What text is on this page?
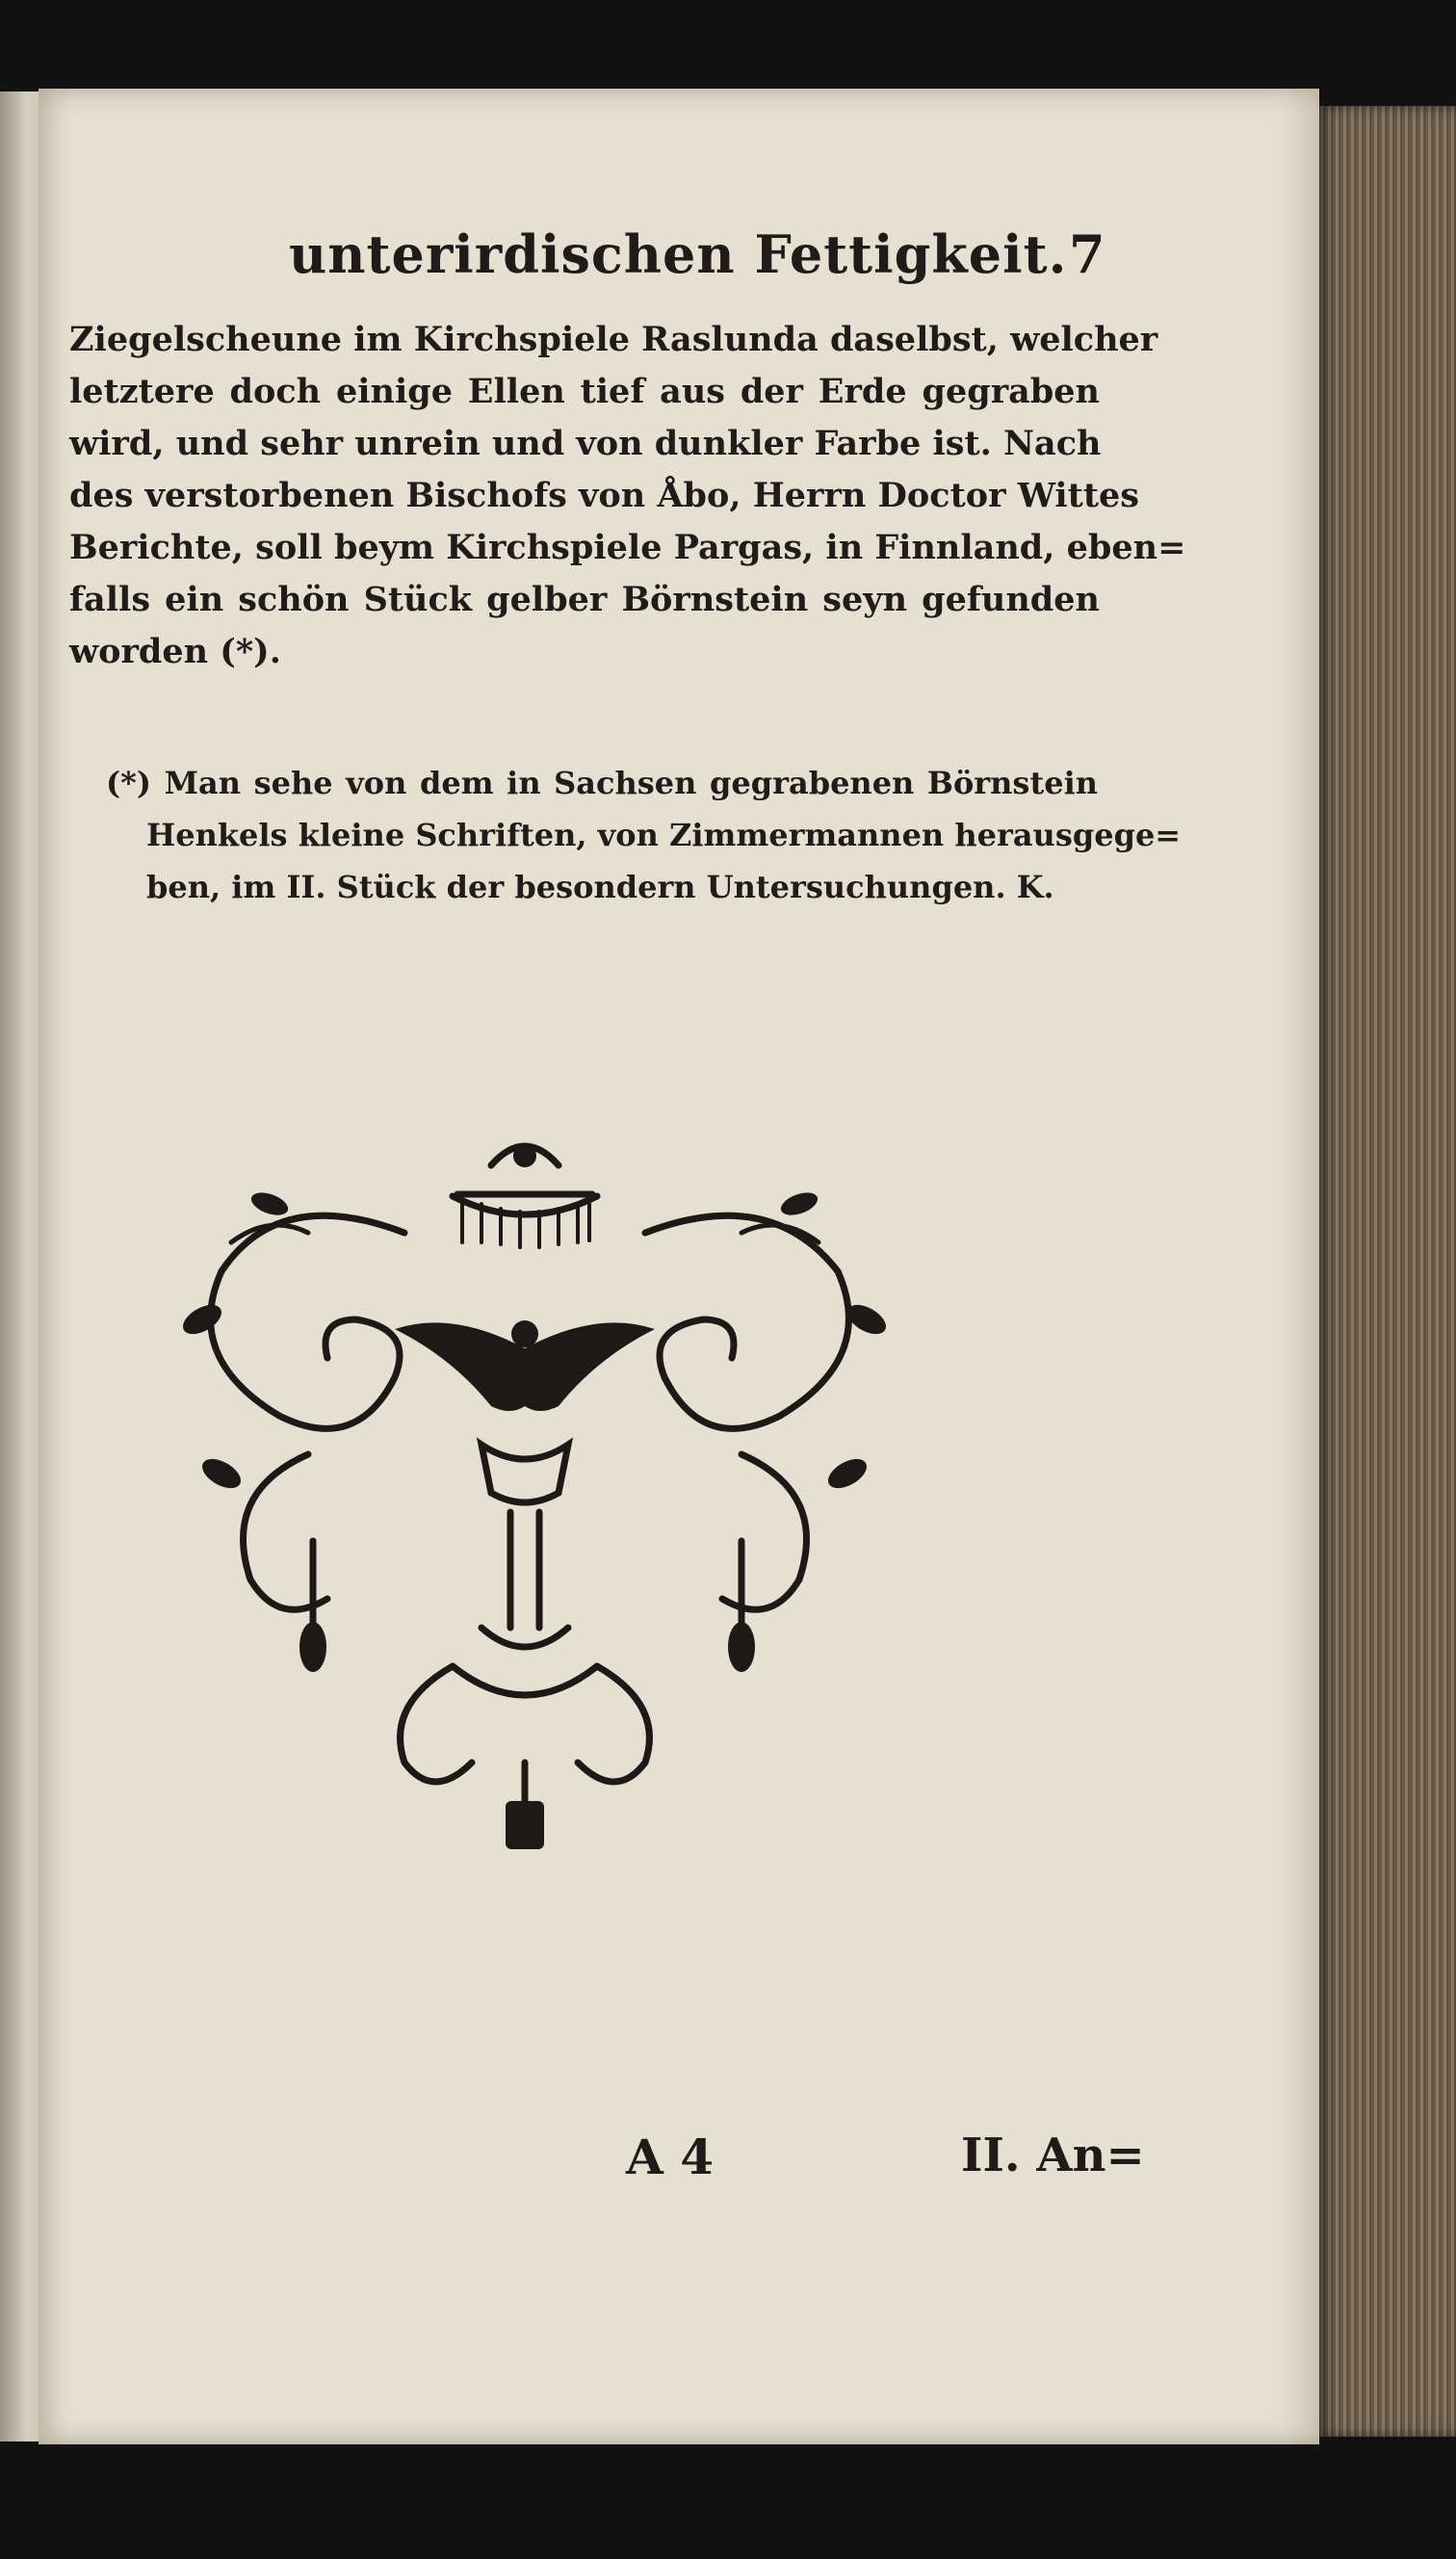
unterirdischen Fettigkeit. 7
Ziegelscheune im Kirchspiele Raslunda daselbst, welcher
letztere doch einige Ellen tief aus der Erde gegraben
wird, und sehr unrein und von dunkler Farbe ist. Nach
des verstorbenen Bischofs von Åbo, Herrn Doctor Wittes
Berichte, soll beym Kirchspiele Pargas, in Finnland, eben=
falls ein schön Stück gelber Börnstein seyn gefunden
worden (*).
(*) Man sehe von dem in Sachsen gegrabenen Börnstein
Henkels kleine Schriften, von Zimmermannen herausgege=
ben, im II. Stück der besondern Untersuchungen. K.
A 4	II. An=
